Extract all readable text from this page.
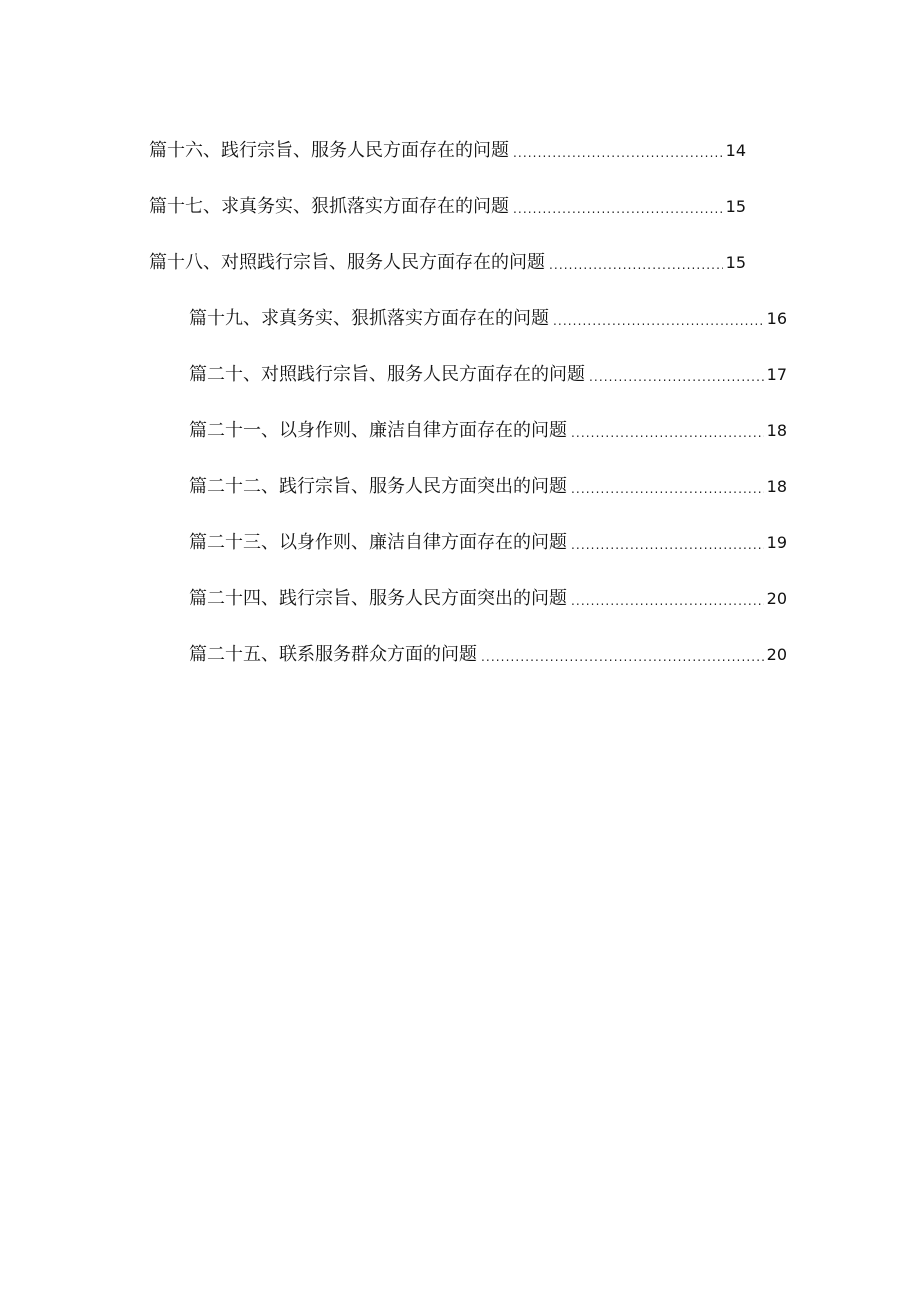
篇十六、践行宗旨、服务人民方面存在的问题 .....	14
篇十七、求真务实、狠抓落实方面存在的问题 .....	15
篇十八、对照践行宗旨、服务人民方面存在的问题 .....	15
篇十九、求真务实、狠抓落实方面存在的问题 .....	16
篇二十、对照践行宗旨、服务人民方面存在的问题 .....	17
篇二十一、以身作则、廉洁自律方面存在的问题 .....	18
篇二十二、践行宗旨、服务人民方面突出的问题 .....	18
篇二十三、以身作则、廉洁自律方面存在的问题 .....	19
篇二十四、践行宗旨、服务人民方面突出的问题 .....	20
篇二十五、联系服务群众方面的问题 .....	20
